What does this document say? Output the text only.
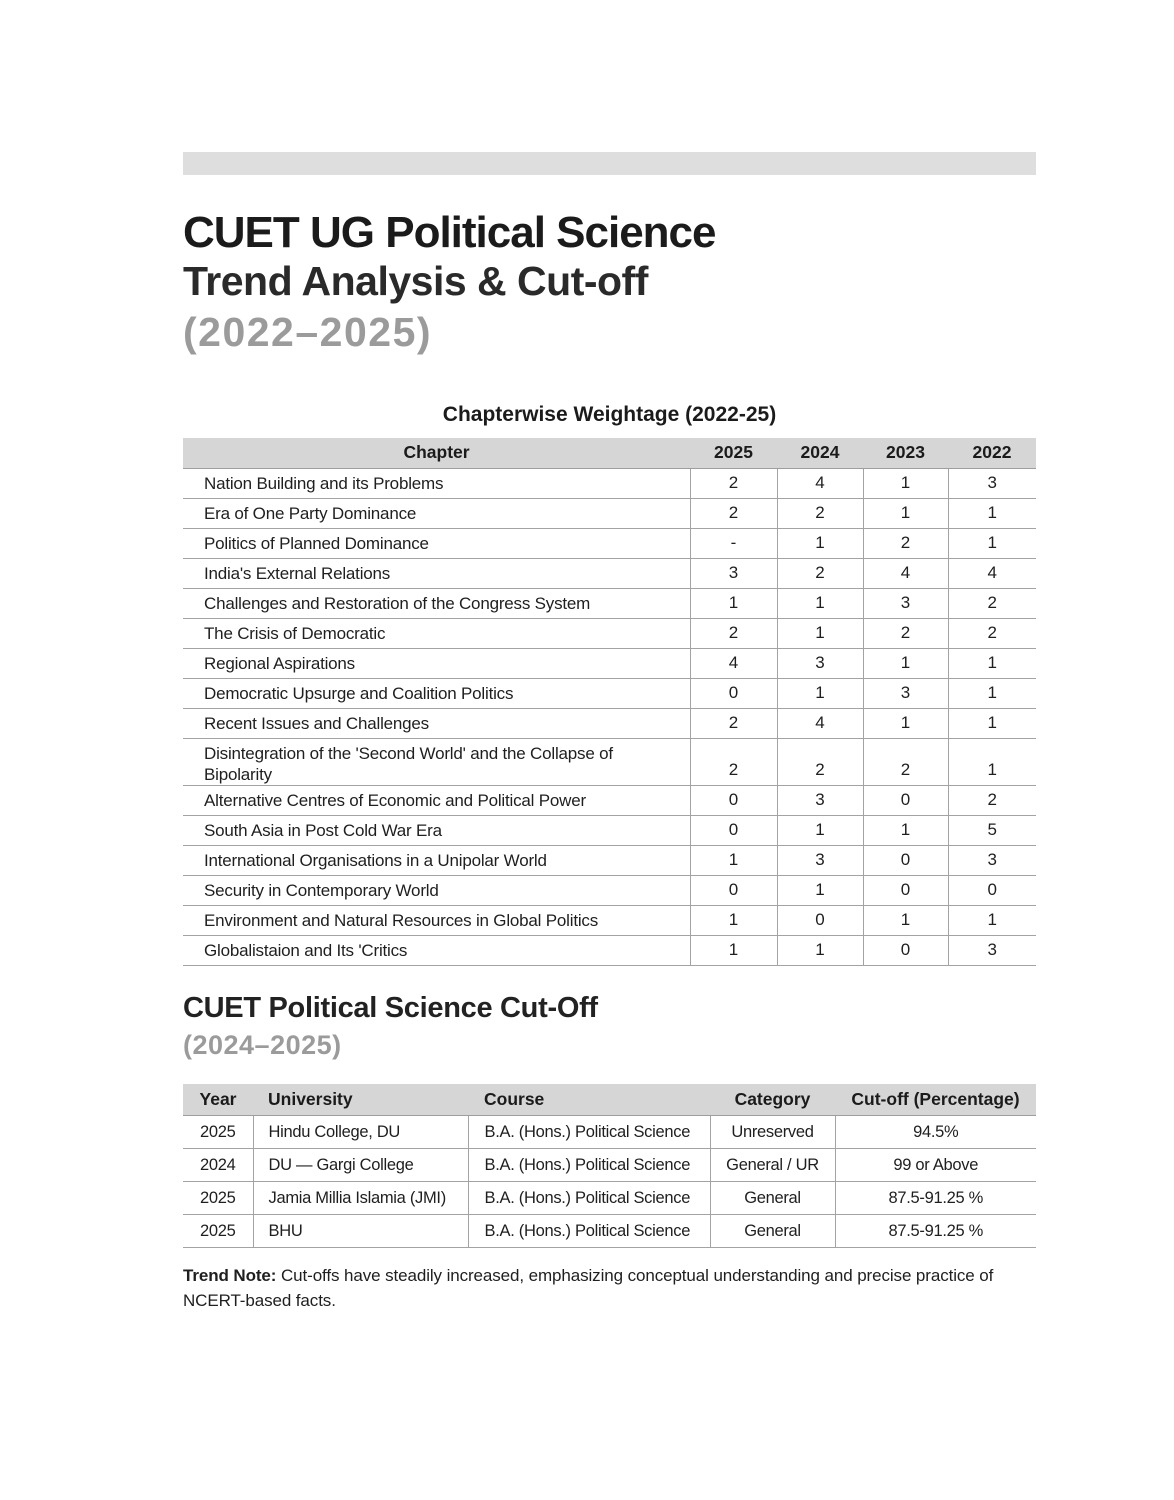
CUET UG Political Science
Trend Analysis & Cut-off
(2022–2025)
Chapterwise Weightage (2022-25)
Chapter	2025	2024	2023	2022
Nation Building and its Problems	2	4	1	3
Era of One Party Dominance	2	2	1	1
Politics of Planned Dominance	-	1	2	1
India's External Relations	3	2	4	4
Challenges and Restoration of the Congress System	1	1	3	2
The Crisis of Democratic	2	1	2	2
Regional Aspirations	4	3	1	1
Democratic Upsurge and Coalition Politics	0	1	3	1
Recent Issues and Challenges	2	4	1	1
Disintegration of the 'Second World' and the Collapse of Bipolarity	2	2	2	1
Alternative Centres of Economic and Political Power	0	3	0	2
South Asia in Post Cold War Era	0	1	1	5
International Organisations in a Unipolar World	1	3	0	3
Security in Contemporary World	0	1	0	0
Environment and Natural Resources in Global Politics	1	0	1	1
Globalistaion and Its 'Critics	1	1	0	3
CUET Political Science Cut-Off
(2024–2025)
Year	University	Course	Category	Cut-off (Percentage)
2025	Hindu College, DU	B.A. (Hons.) Political Science	Unreserved	94.5%
2024	DU — Gargi College	B.A. (Hons.) Political Science	General / UR	99 or Above
2025	Jamia Millia Islamia (JMI)	B.A. (Hons.) Political Science	General	87.5-91.25 %
2025	BHU	B.A. (Hons.) Political Science	General	87.5-91.25 %

Trend Note: Cut-offs have steadily increased, emphasizing conceptual understanding and precise practice of NCERT-based facts.
